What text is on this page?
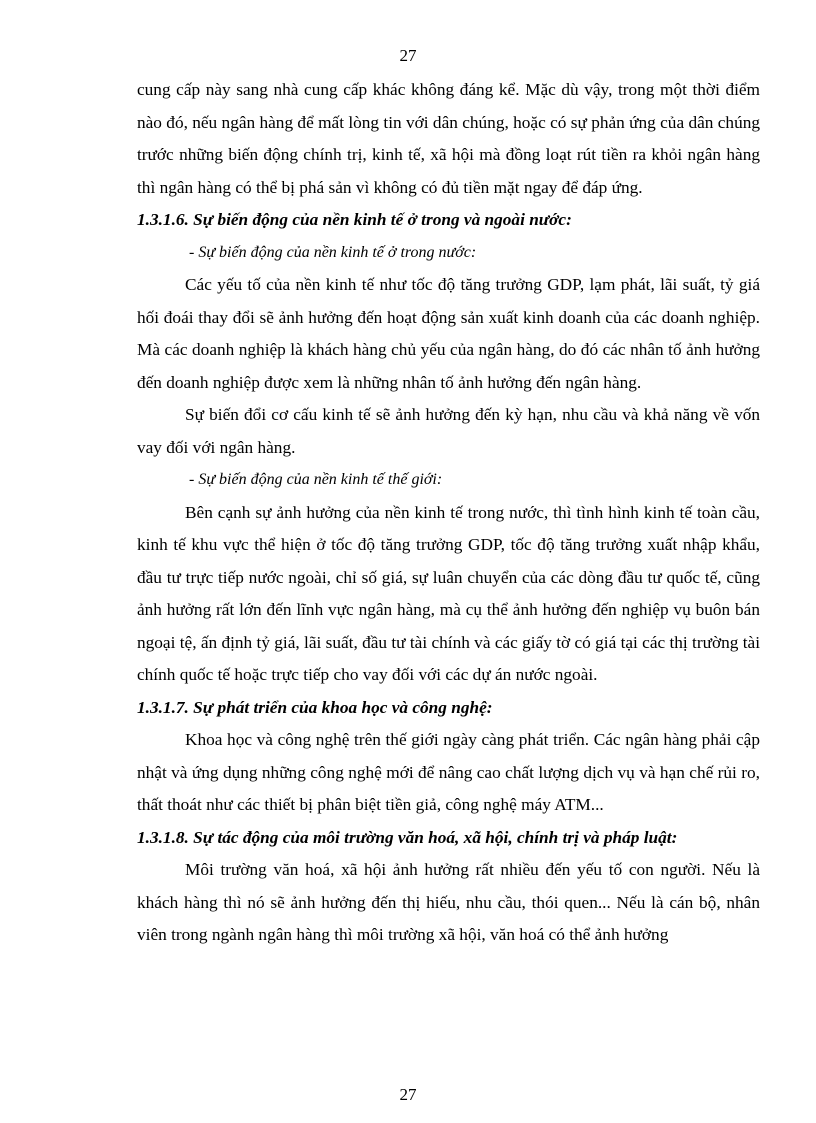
27

cung cấp này sang nhà cung cấp khác không đáng kể. Mặc dù vậy, trong một thời điểm nào đó, nếu ngân hàng để mất lòng tin với dân chúng, hoặc có sự phản ứng của dân chúng trước những biến động chính trị, kinh tế, xã hội mà đồng loạt rút tiền ra khỏi ngân hàng thì ngân hàng có thể bị phá sản vì không có đủ tiền mặt ngay để đáp ứng.

1.3.1.6. Sự biến động của nền kinh tế ở trong và ngoài nước:

- Sự biến động của nền kinh tế ở trong nước:

Các yếu tố của nền kinh tế như tốc độ tăng trưởng GDP, lạm phát, lãi suất, tỷ giá hối đoái thay đổi sẽ ảnh hưởng đến hoạt động sản xuất kinh doanh của các doanh nghiệp. Mà các doanh nghiệp là khách hàng chủ yếu của ngân hàng, do đó các nhân tố ảnh hưởng đến doanh nghiệp được xem là những nhân tố ảnh hưởng đến ngân hàng.

Sự biến đổi cơ cấu kinh tế sẽ ảnh hưởng đến kỳ hạn, nhu cầu và khả năng về vốn vay đối với ngân hàng.

- Sự biến động của nền kinh tế thế giới:

Bên cạnh sự ảnh hưởng của nền kinh tế trong nước, thì tình hình kinh tế toàn cầu, kinh tế khu vực thể hiện ở tốc độ tăng trưởng GDP, tốc độ tăng trưởng xuất nhập khẩu, đầu tư trực tiếp nước ngoài, chỉ số giá, sự luân chuyển của các dòng đầu tư quốc tế, cũng ảnh hưởng rất lớn đến lĩnh vực ngân hàng, mà cụ thể ảnh hưởng đến nghiệp vụ buôn bán ngoại tệ, ấn định tỷ giá, lãi suất, đầu tư tài chính và các giấy tờ có giá tại các thị trường tài chính quốc tế hoặc trực tiếp cho vay đối với các dự án nước ngoài.

1.3.1.7. Sự phát triển của khoa học và công nghệ:

Khoa học và công nghệ trên thế giới ngày càng phát triển. Các ngân hàng phải cập nhật và ứng dụng những công nghệ mới để nâng cao chất lượng dịch vụ và hạn chế rủi ro, thất thoát như các thiết bị phân biệt tiền giả, công nghệ máy ATM...

1.3.1.8. Sự tác động của môi trường văn hoá, xã hội, chính trị và pháp luật:

Môi trường văn hoá, xã hội ảnh hưởng rất nhiều đến yếu tố con người. Nếu là khách hàng thì nó sẽ ảnh hưởng đến thị hiếu, nhu cầu, thói quen... Nếu là cán bộ, nhân viên trong ngành ngân hàng thì môi trường xã hội, văn hoá có thể ảnh hưởng

27
